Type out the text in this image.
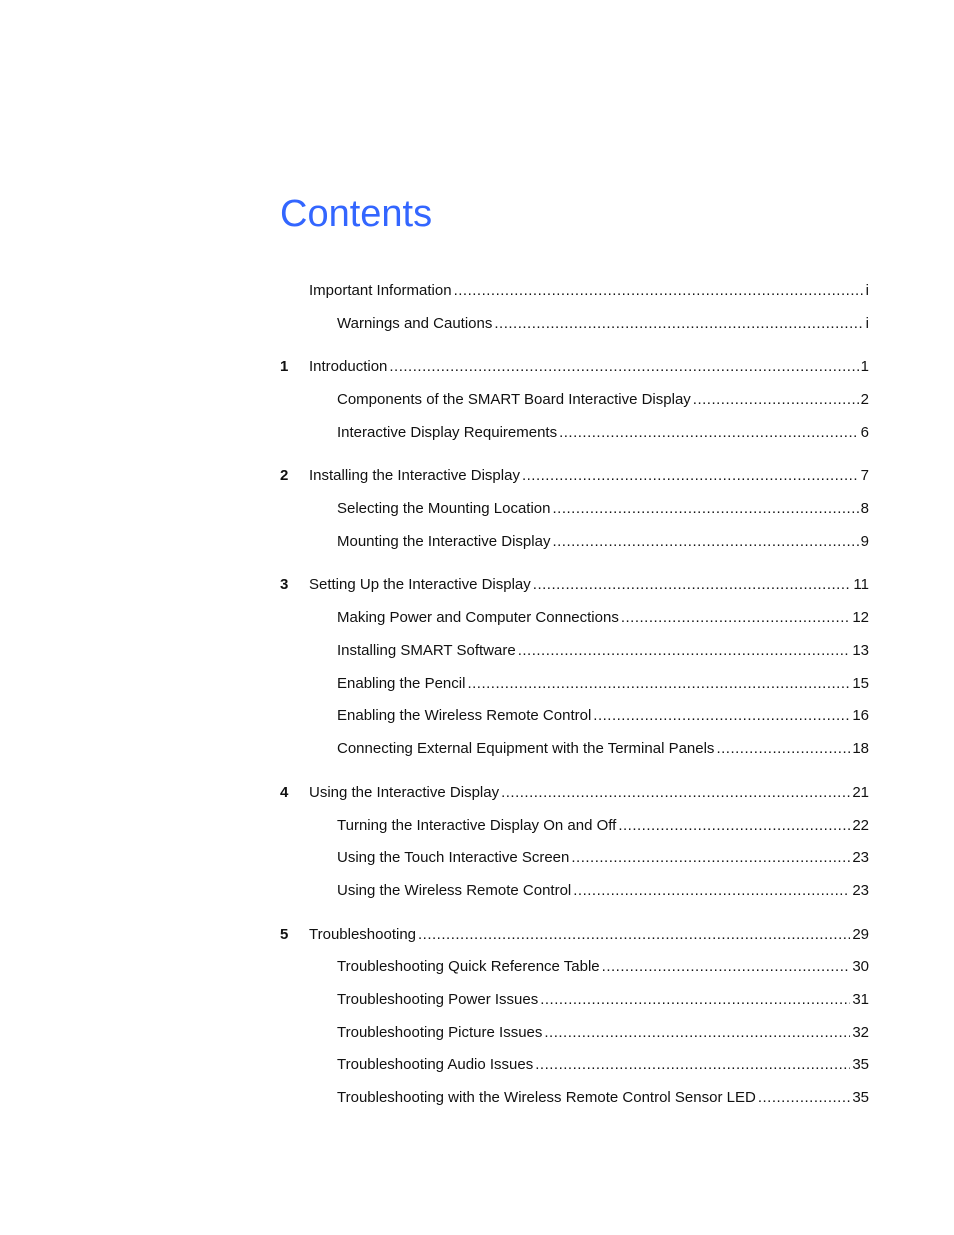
Contents
Important Information .....	i
Warnings and Cautions .....	i
1 Introduction .....	1
Components of the SMART Board Interactive Display .....	2
Interactive Display Requirements .....	6
2 Installing the Interactive Display .....	7
Selecting the Mounting Location .....	8
Mounting the Interactive Display .....	9
3 Setting Up the Interactive Display .....	11
Making Power and Computer Connections .....	12
Installing SMART Software .....	13
Enabling the Pencil .....	15
Enabling the Wireless Remote Control .....	16
Connecting External Equipment with the Terminal Panels .....	18
4 Using the Interactive Display .....	21
Turning the Interactive Display On and Off .....	22
Using the Touch Interactive Screen .....	23
Using the Wireless Remote Control .....	23
5 Troubleshooting .....	29
Troubleshooting Quick Reference Table .....	30
Troubleshooting Power Issues .....	31
Troubleshooting Picture Issues .....	32
Troubleshooting Audio Issues .....	35
Troubleshooting with the Wireless Remote Control Sensor LED .....	35
